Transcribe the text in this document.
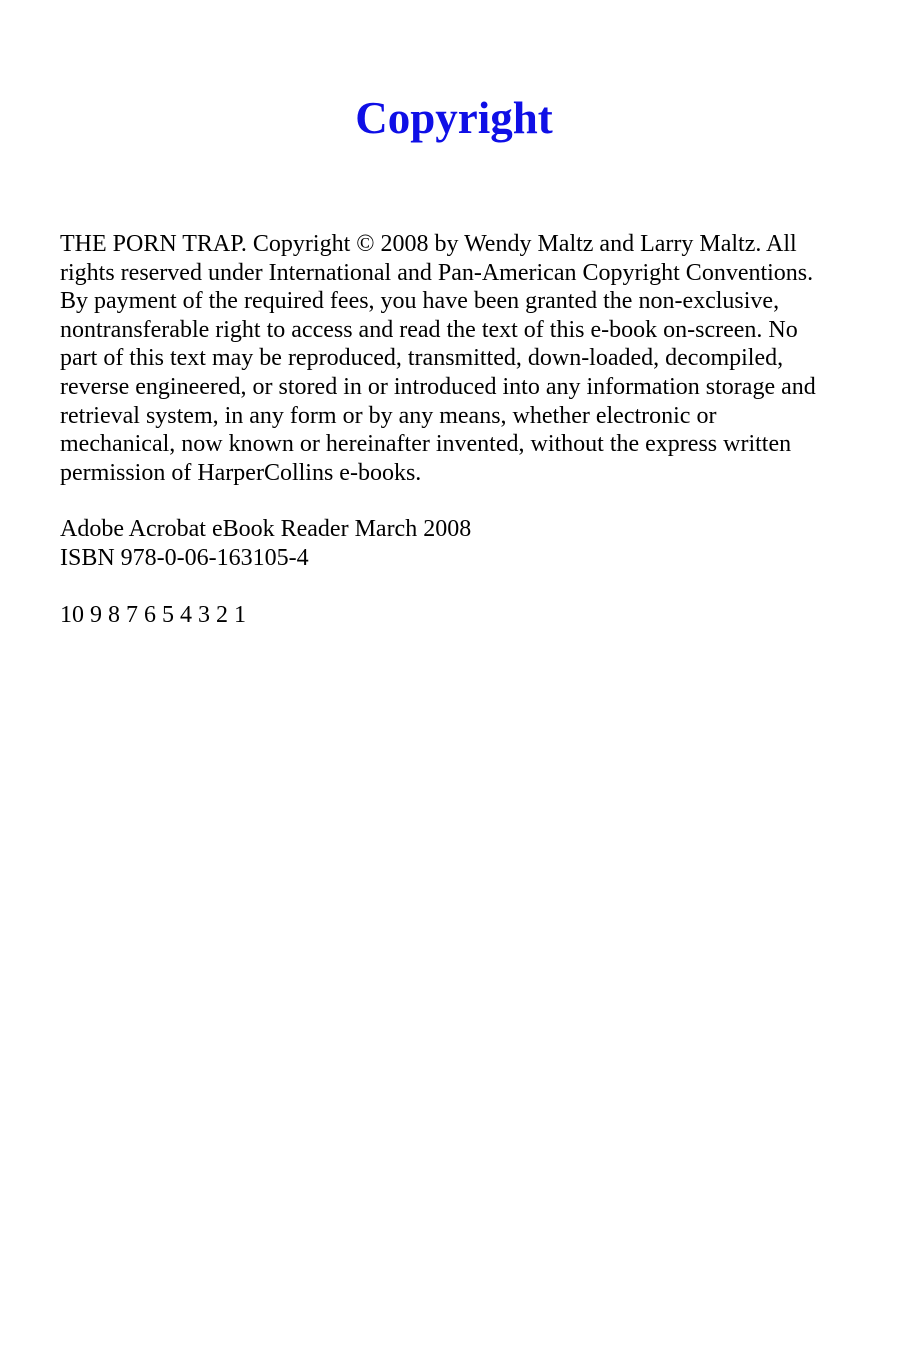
Copyright

THE PORN TRAP. Copyright © 2008 by Wendy Maltz and Larry Maltz. All
rights reserved under International and Pan-American Copyright Conventions.
By payment of the required fees, you have been granted the non-exclusive,
nontransferable right to access and read the text of this e-book on-screen. No
part of this text may be reproduced, transmitted, down-loaded, decompiled,
reverse engineered, or stored in or introduced into any information storage and
retrieval system, in any form or by any means, whether electronic or
mechanical, now known or hereinafter invented, without the express written
permission of HarperCollins e-books.

Adobe Acrobat eBook Reader March 2008
ISBN 978-0-06-163105-4

10 9 8 7 6 5 4 3 2 1
